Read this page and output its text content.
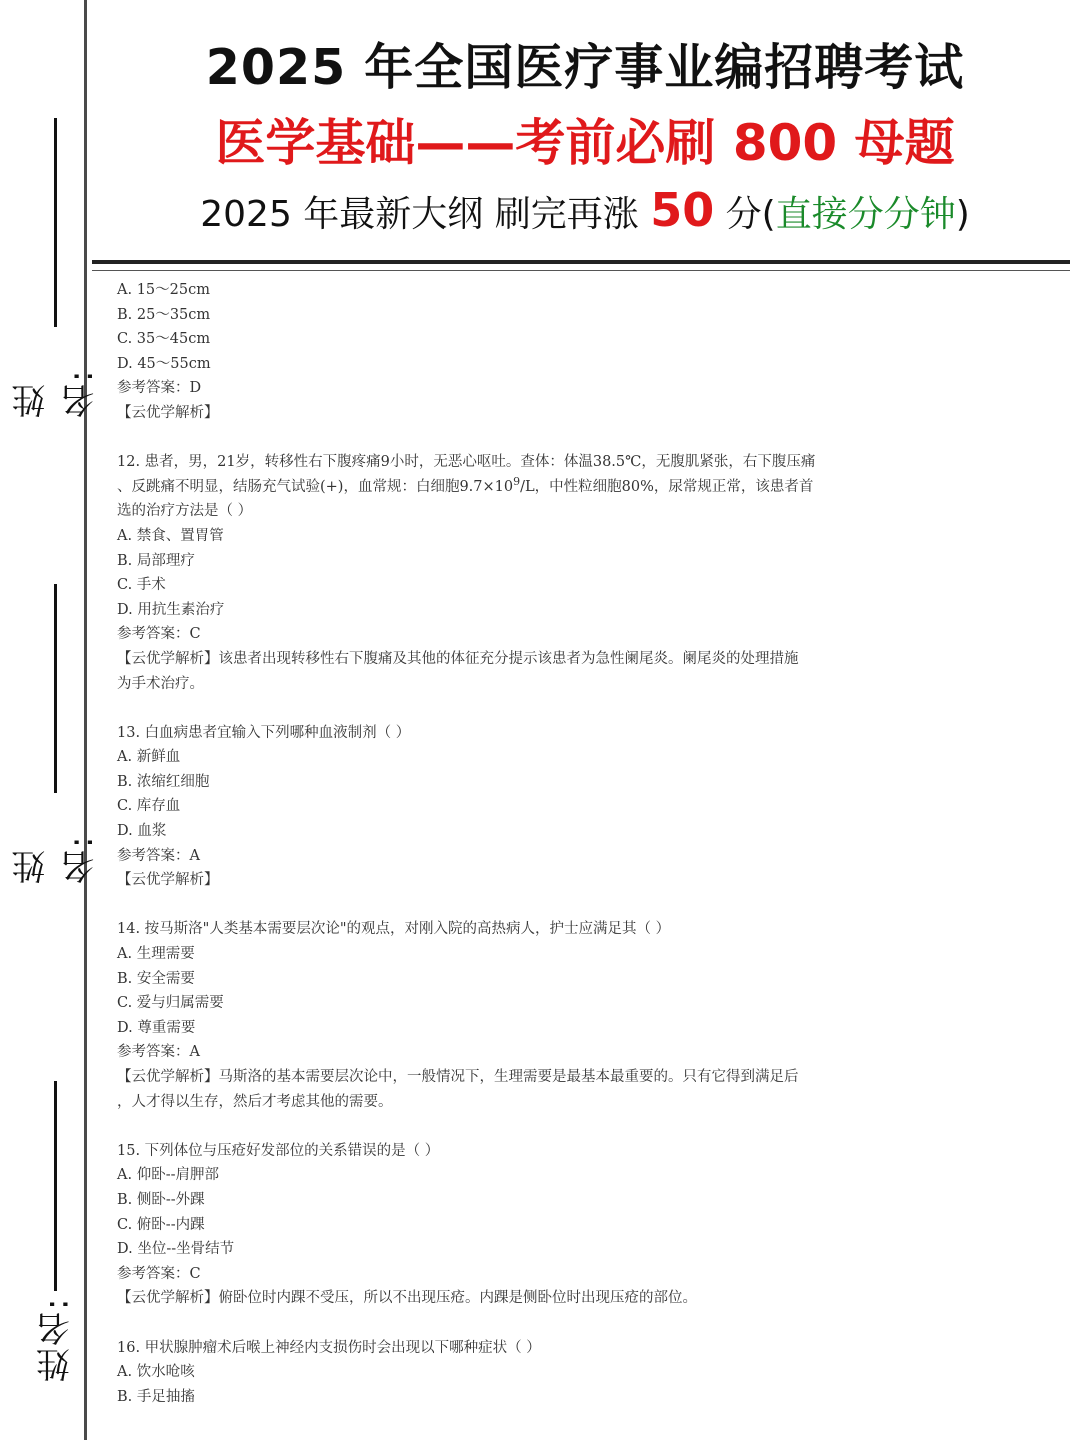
姓名:
姓名:
姓名:
2025 年全国医疗事业编招聘考试
医学基础——考前必刷 800 母题
2025 年最新大纲 刷完再涨 50 分(直接分分钟)
A. 15～25cm
B. 25～35cm
C. 35～45cm
D. 45～55cm
参考答案：D
【云优学解析】
12. 患者，男，21岁，转移性右下腹疼痛9小时，无恶心呕吐。查体：体温38.5℃，无腹肌紧张，右下腹压痛
、反跳痛不明显，结肠充气试验(+)，血常规：白细胞$9.7\times 10^9/L$，中性粒细胞80%，尿常规正常，该患者首
选的治疗方法是（ ）
A. 禁食、置胃管
B. 局部理疗
C. 手术
D. 用抗生素治疗
参考答案：C
【云优学解析】该患者出现转移性右下腹痛及其他的体征充分提示该患者为急性阑尾炎。阑尾炎的处理措施
为手术治疗。
13. 白血病患者宜输入下列哪种血液制剂（ ）
A. 新鲜血
B. 浓缩红细胞
C. 库存血
D. 血浆
参考答案：A
【云优学解析】
14. 按马斯洛"人类基本需要层次论"的观点，对刚入院的高热病人，护士应满足其（ ）
A. 生理需要
B. 安全需要
C. 爱与归属需要
D. 尊重需要
参考答案：A
【云优学解析】马斯洛的基本需要层次论中，一般情况下，生理需要是最基本最重要的。只有它得到满足后
，人才得以生存，然后才考虑其他的需要。
15. 下列体位与压疮好发部位的关系错误的是（ ）
A. 仰卧--肩胛部
B. 侧卧--外踝
C. 俯卧--内踝
D. 坐位--坐骨结节
参考答案：C
【云优学解析】俯卧位时内踝不受压，所以不出现压疮。内踝是侧卧位时出现压疮的部位。
16. 甲状腺肿瘤术后喉上神经内支损伤时会出现以下哪种症状（ ）
A. 饮水呛咳
B. 手足抽搐
